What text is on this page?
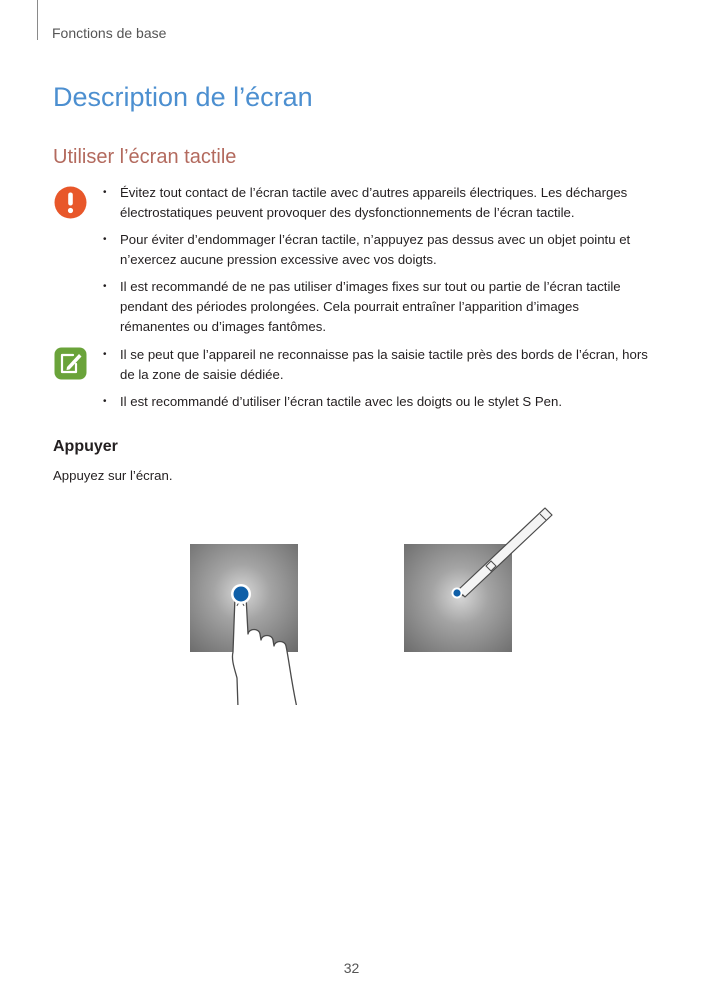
Fonctions de base
Description de l’écran
Utiliser l’écran tactile
• Évitez tout contact de l’écran tactile avec d’autres appareils électriques. Les décharges électrostatiques peuvent provoquer des dysfonctionnements de l’écran tactile.
• Pour éviter d’endommager l’écran tactile, n’appuyez pas dessus avec un objet pointu et n’exercez aucune pression excessive avec vos doigts.
• Il est recommandé de ne pas utiliser d’images fixes sur tout ou partie de l’écran tactile pendant des périodes prolongées. Cela pourrait entraîner l’apparition d’images rémanentes ou d’images fantômes.
• Il se peut que l’appareil ne reconnaisse pas la saisie tactile près des bords de l’écran, hors de la zone de saisie dédiée.
• Il est recommandé d’utiliser l’écran tactile avec les doigts ou le stylet S Pen.
Appuyer

Appuyez sur l’écran.

32
